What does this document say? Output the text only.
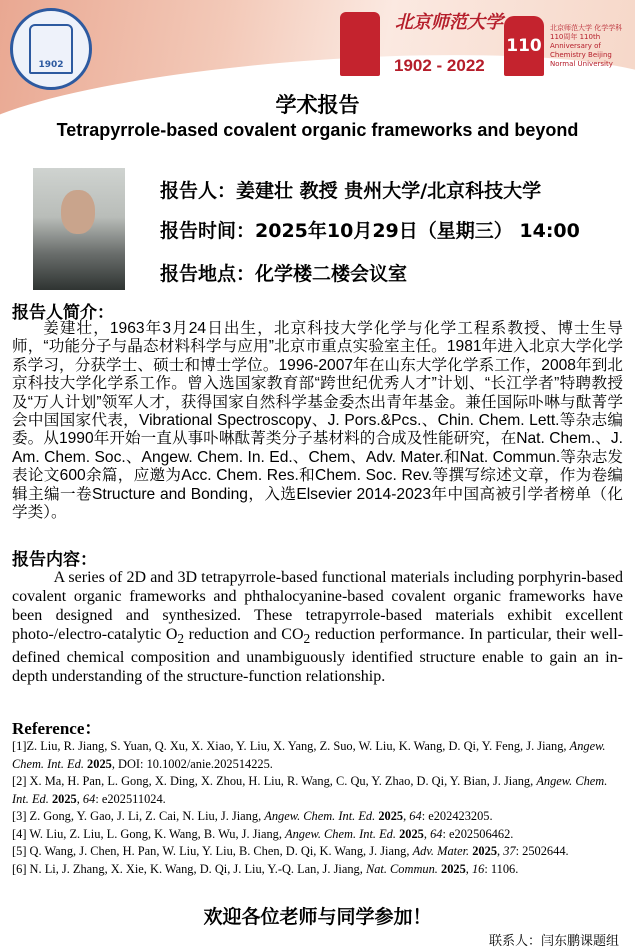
1902
北京师范大学
1902 - 2022
110
北京师范大学 化学学科110周年 110th Anniversary of Chemistry Beijing Normal University
学术报告
Tetrapyrrole-based covalent organic frameworks and beyond
报告人：姜建壮 教授 贵州大学/北京科技大学
报告时间：2025年10月29日（星期三） 14:00
报告地点：化学楼二楼会议室
报告人简介：
姜建壮，1963年3月24日出生，北京科技大学化学与化学工程系教授、博士生导师，“功能分子与晶态材料科学与应用”北京市重点实验室主任。1981年进入北京大学化学系学习，分获学士、硕士和博士学位。1996-2007年在山东大学化学系工作，2008年到北京科技大学化学系工作。曾入选国家教育部“跨世纪优秀人才”计划、“长江学者”特聘教授及“万人计划”领军人才，获得国家自然科学基金委杰出青年基金。兼任国际卟啉与酞菁学会中国国家代表，Vibrational Spectroscopy、J. Pors.&Pcs.、Chin. Chem. Lett.等杂志编委。从1990年开始一直从事卟啉酞菁类分子基材料的合成及性能研究，在Nat. Chem.、J. Am. Chem. Soc.、Angew. Chem. In. Ed.、Chem、Adv. Mater.和Nat. Commun.等杂志发表论文600余篇，应邀为Acc. Chem. Res.和Chem. Soc. Rev.等撰写综述文章，作为卷编辑主编一卷Structure and Bonding，入选Elsevier 2014-2023年中国高被引学者榜单（化学类）。
报告内容：
A series of 2D and 3D tetrapyrrole-based functional materials including porphyrin-based covalent organic frameworks and phthalocyanine-based covalent organic frameworks have been designed and synthesized. These tetrapyrrole-based materials exhibit excellent photo-/electro-catalytic $O_2$ reduction and $CO_2$ reduction performance. In particular, their well-defined chemical composition and unambiguously identified structure enable to gain an in-depth understanding of the structure-function relationship.
Reference：
[1]Z. Liu, R. Jiang, S. Yuan, Q. Xu, X. Xiao, Y. Liu, X. Yang, Z. Suo, W. Liu, K. Wang, D. Qi, Y. Feng, J. Jiang, Angew. Chem. Int. Ed. 2025, DOI: 10.1002/anie.202514225.
[2] X. Ma, H. Pan, L. Gong, X. Ding, X. Zhou, H. Liu, R. Wang, C. Qu, Y. Zhao, D. Qi, Y. Bian, J. Jiang, Angew. Chem. Int. Ed. 2025, 64: e202511024.
[3] Z. Gong, Y. Gao, J. Li, Z. Cai, N. Liu, J. Jiang, Angew. Chem. Int. Ed. 2025, 64: e202423205.
[4] W. Liu, Z. Liu, L. Gong, K. Wang, B. Wu, J. Jiang, Angew. Chem. Int. Ed. 2025, 64: e202506462.
[5] Q. Wang, J. Chen, H. Pan, W. Liu, Y. Liu, B. Chen, D. Qi, K. Wang, J. Jiang, Adv. Mater. 2025, 37: 2502644.
[6] N. Li, J. Zhang, X. Xie, K. Wang, D. Qi, J. Liu, Y.-Q. Lan, J. Jiang, Nat. Commun. 2025, 16: 1106.
欢迎各位老师与同学参加！
联系人：闫东鹏课题组
